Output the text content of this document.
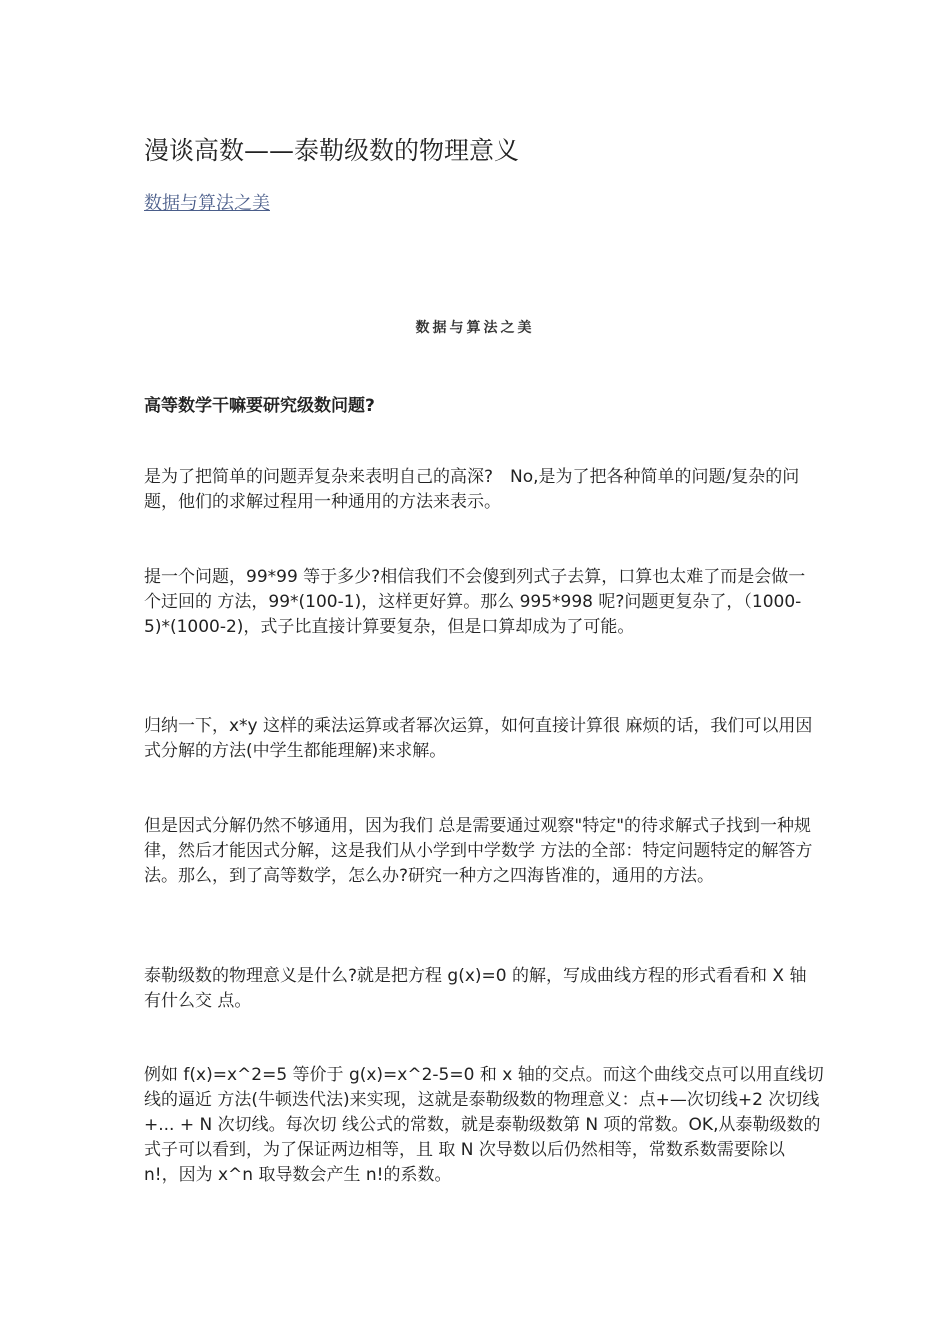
漫谈高数——泰勒级数的物理意义
数据与算法之美
数据与算法之美
高等数学干嘛要研究级数问题?

是为了把简单的问题弄复杂来表明自己的高深?　No,是为了把各种简单的问题/复杂的问题，他们的求解过程用一种通用的方法来表示。

提一个问题，99*99 等于多少?相信我们不会傻到列式子去算，口算也太难了而是会做一个迂回的 方法，99*(100-1)，这样更好算。那么 995*998 呢?问题更复杂了，（1000-5)*(1000-2)，式子比直接计算要复杂，但是口算却成为了可能。

归纳一下，x*y 这样的乘法运算或者幂次运算，如何直接计算很 麻烦的话，我们可以用因式分解的方法(中学生都能理解)来求解。

但是因式分解仍然不够通用，因为我们 总是需要通过观察"特定"的待求解式子找到一种规律，然后才能因式分解，这是我们从小学到中学数学 方法的全部：特定问题特定的解答方法。那么，到了高等数学，怎么办?研究一种方之四海皆准的，通用的方法。

泰勒级数的物理意义是什么?就是把方程 g(x)=0 的解，写成曲线方程的形式看看和 X 轴有什么交 点。

例如 f(x)=x^2=5 等价于 g(x)=x^2-5=0 和 x 轴的交点。而这个曲线交点可以用直线切线的逼近 方法(牛顿迭代法)来实现，这就是泰勒级数的物理意义：点+—次切线+2 次切线+... + N 次切线。每次切 线公式的常数，就是泰勒级数第 N 项的常数。OK,从泰勒级数的式子可以看到，为了保证两边相等，且 取 N 次导数以后仍然相等，常数系数需要除以 n!，因为 x^n 取导数会产生 n!的系数。
